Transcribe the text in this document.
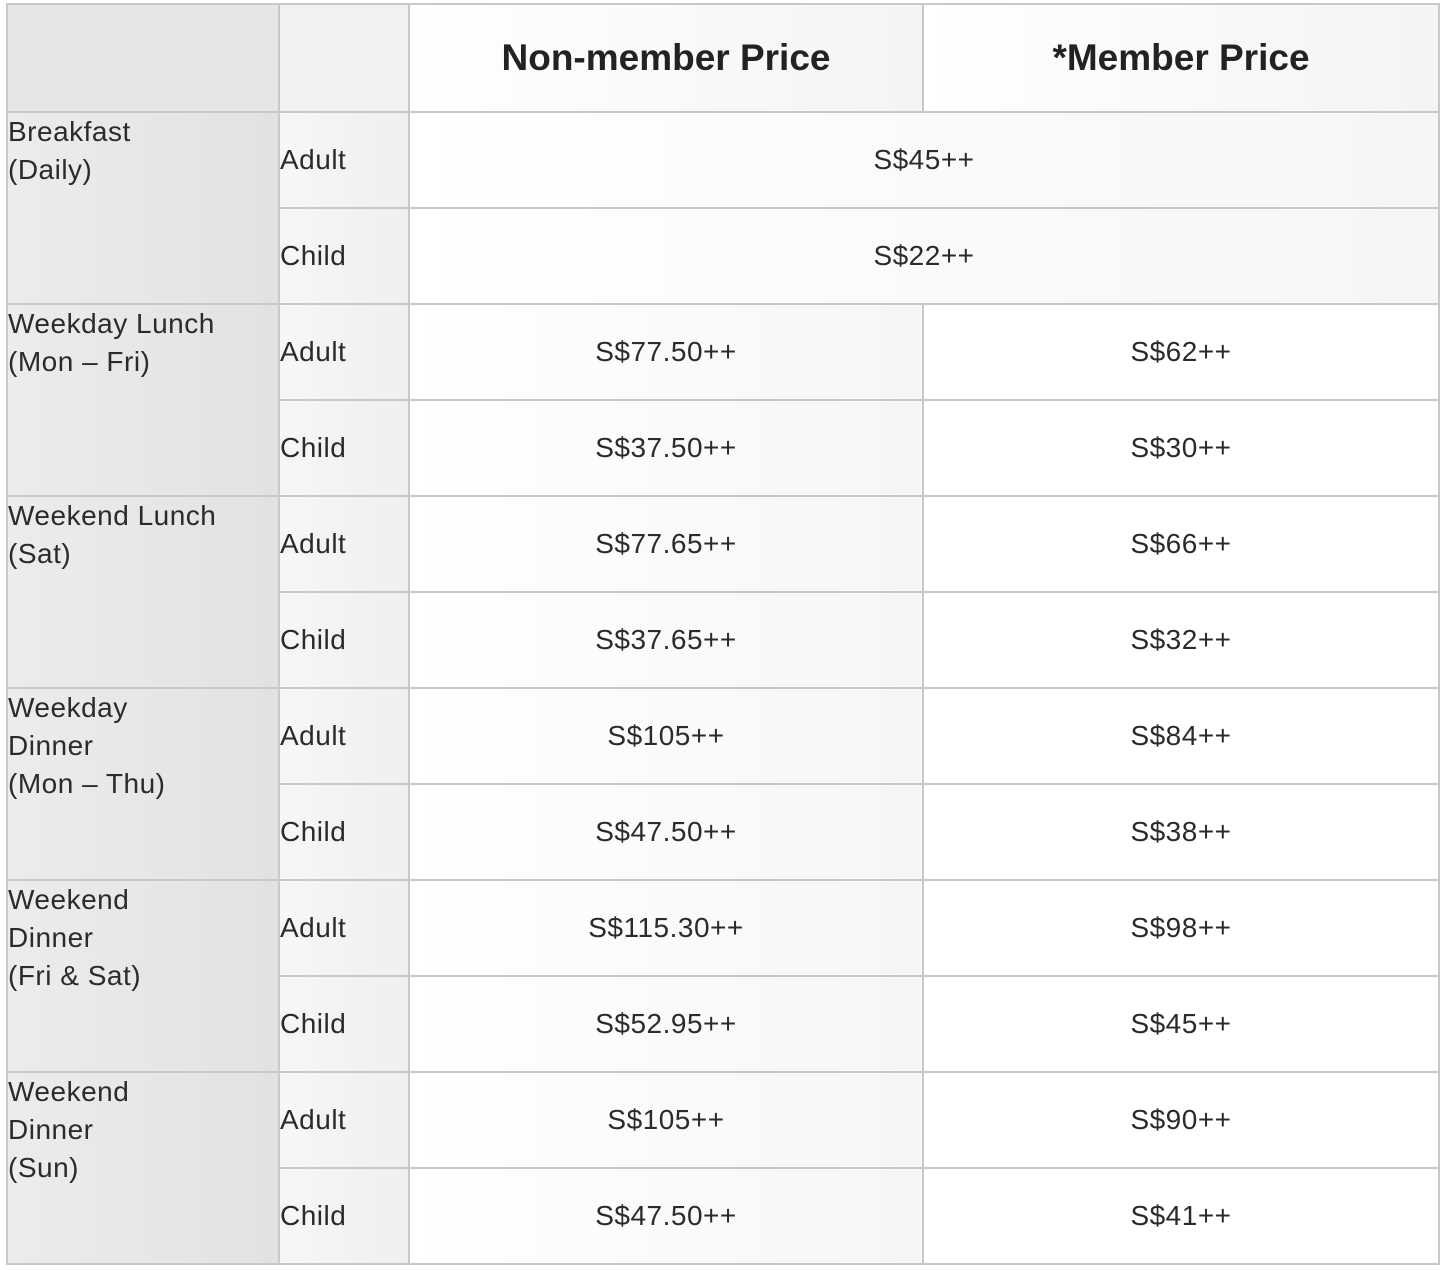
		Non-member Price	*Member Price

Breakfast
(Daily)	Adult	S$45++	
	Child	S$22++	

Weekday Lunch
(Mon – Fri)	Adult	S$77.50++	S$62++
	Child	S$37.50++	S$30++

Weekend Lunch
(Sat)	Adult	S$77.65++	S$66++
	Child	S$37.65++	S$32++

Weekday
Dinner
(Mon – Thu)	Adult	S$105++	S$84++
	Child	S$47.50++	S$38++

Weekend
Dinner
(Fri & Sat)	Adult	S$115.30++	S$98++
	Child	S$52.95++	S$45++

Weekend
Dinner
(Sun)	Adult	S$105++	S$90++
	Child	S$47.50++	S$41++
